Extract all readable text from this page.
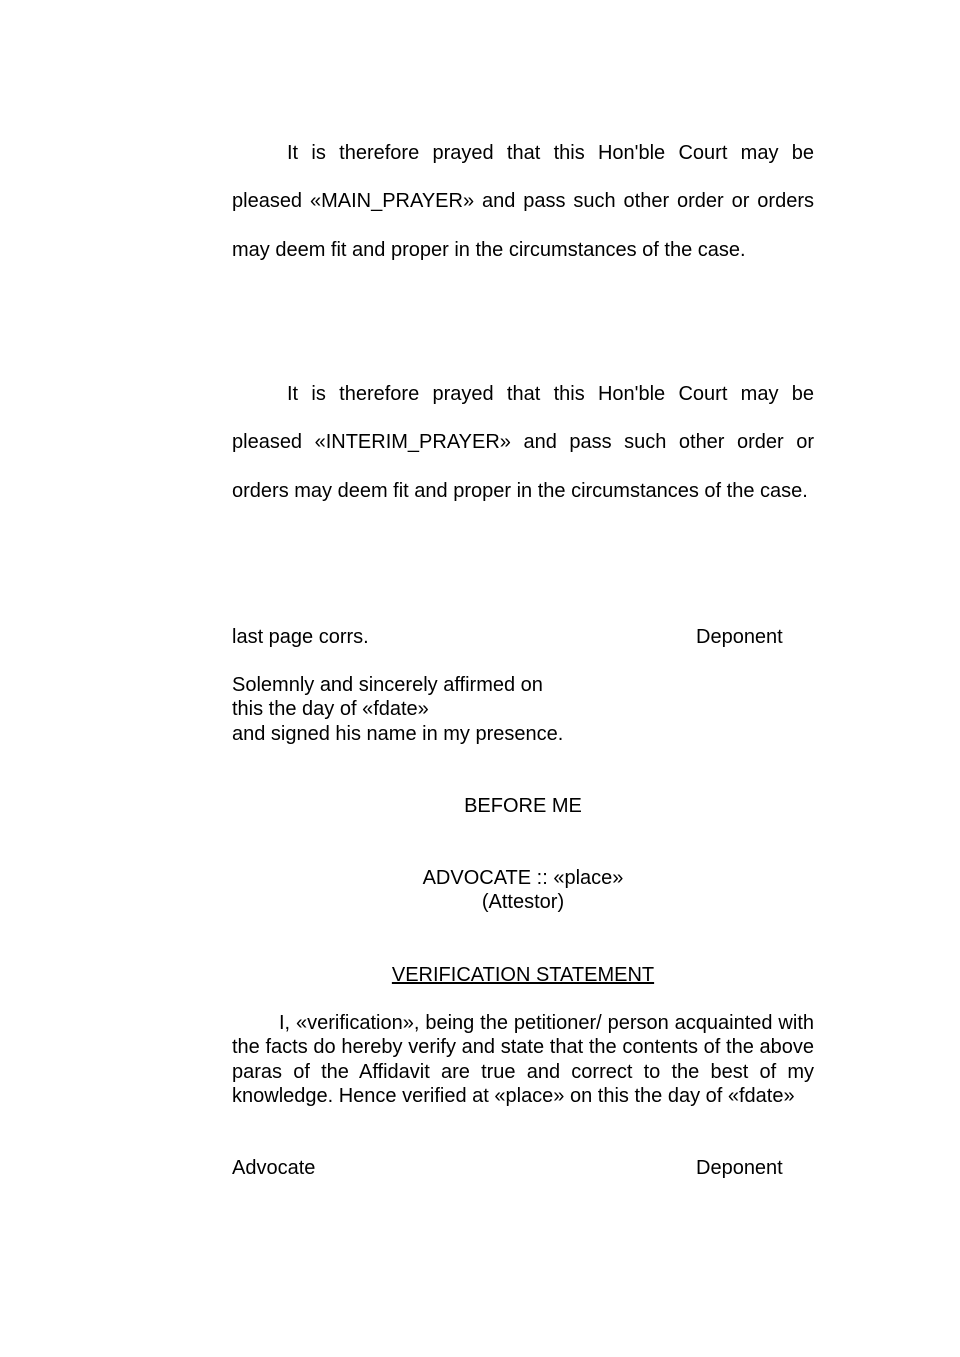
It is therefore prayed that this Hon'ble Court may be pleased «MAIN_PRAYER» and pass such other order or orders may deem fit and proper in the circumstances of the case.

It is therefore prayed that this Hon'ble Court may be pleased «INTERIM_PRAYER» and pass such other order or orders may deem fit and proper in the circumstances of the case.

last page corrs.	Deponent
Solemnly and sincerely affirmed on
this the day of «fdate»
and signed his name in my presence.
BEFORE ME
ADVOCATE :: «place»
(Attestor)
VERIFICATION STATEMENT

I, «verification», being the petitioner/ person acquainted with the facts do hereby verify and state that the contents of the above paras of the Affidavit are true and correct to the best of my knowledge. Hence verified at «place» on this the day of «fdate»

Advocate	Deponent
